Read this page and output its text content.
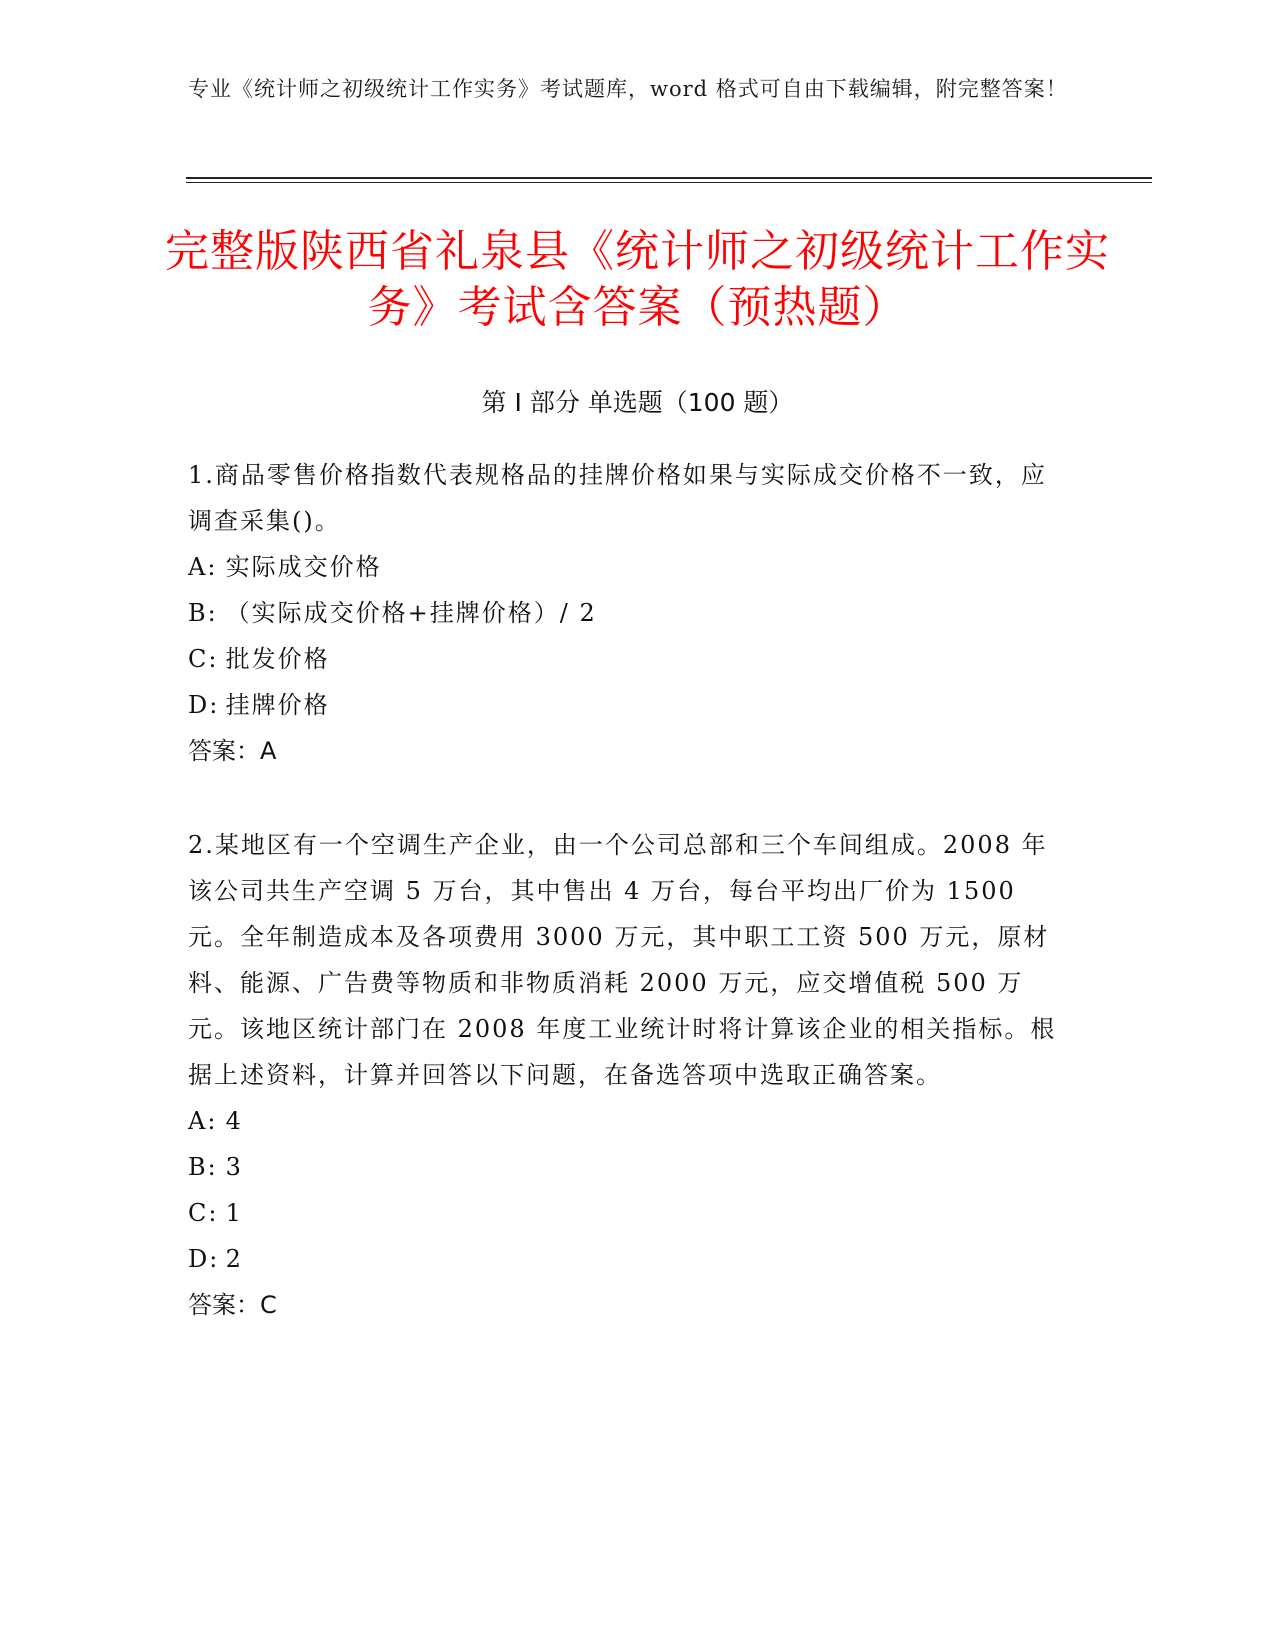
专业《统计师之初级统计工作实务》考试题库，word 格式可自由下载编辑，附完整答案！
完整版陕西省礼泉县《统计师之初级统计工作实务》考试含答案（预热题）
第 I 部分 单选题（100 题）

1.商品零售价格指数代表规格品的挂牌价格如果与实际成交价格不一致，应调查采集()。

A: 实际成交价格

B: （实际成交价格+挂牌价格）/ 2

C: 批发价格

D: 挂牌价格

答案：A

2.某地区有一个空调生产企业，由一个公司总部和三个车间组成。2008 年该公司共生产空调 5 万台，其中售出 4 万台，每台平均出厂价为 1500 元。全年制造成本及各项费用 3000 万元，其中职工工资 500 万元，原材料、能源、广告费等物质和非物质消耗 2000 万元，应交增值税 500 万元。该地区统计部门在 2008 年度工业统计时将计算该企业的相关指标。根据上述资料，计算并回答以下问题，在备选答项中选取正确答案。

A: 4

B: 3

C: 1

D: 2

答案：C
